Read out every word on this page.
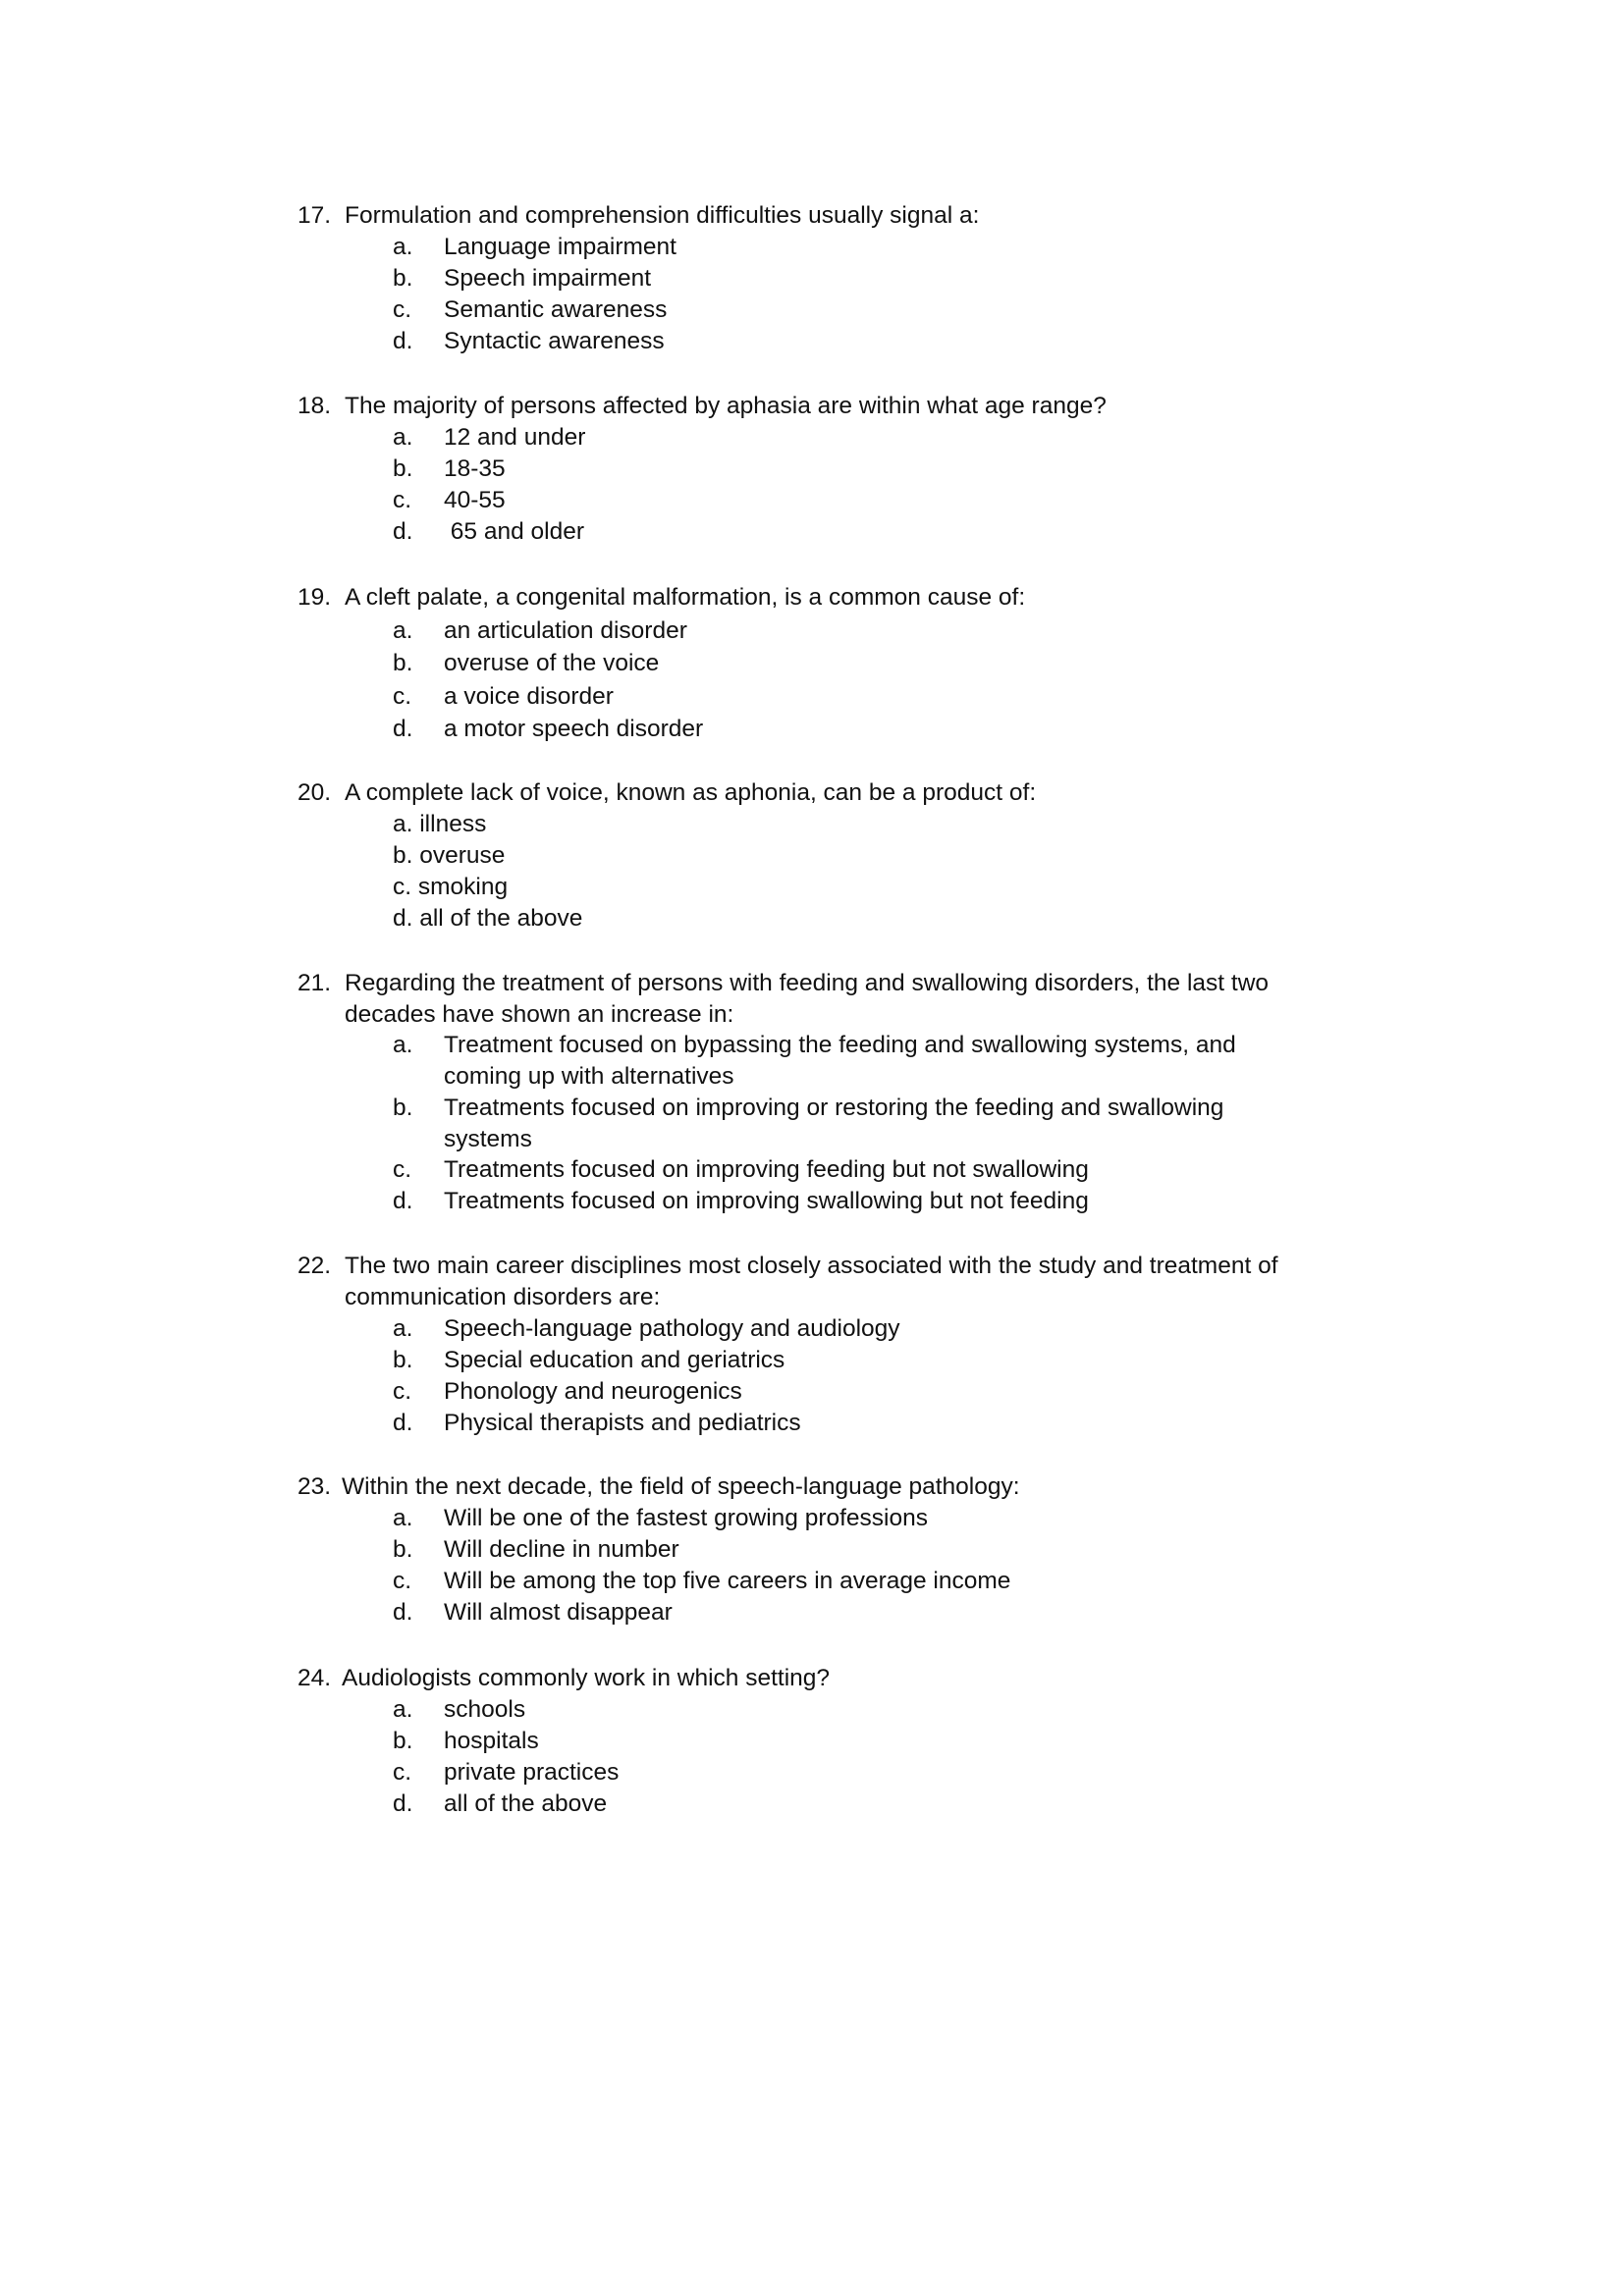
17. Formulation and comprehension difficulties usually signal a:
a. Language impairment
b. Speech impairment
c. Semantic awareness
d. Syntactic awareness
18. The majority of persons affected by aphasia are within what age range?
a. 12 and under
b. 18-35
c. 40-55
d. 65 and older
19. A cleft palate, a congenital malformation, is a common cause of:
a. an articulation disorder
b. overuse of the voice
c. a voice disorder
d. a motor speech disorder
20. A complete lack of voice, known as aphonia, can be a product of:
a. illness
b. overuse
c. smoking
d. all of the above
21. Regarding the treatment of persons with feeding and swallowing disorders, the last two
decades have shown an increase in:
a. Treatment focused on bypassing the feeding and swallowing systems, and
coming up with alternatives
b. Treatments focused on improving or restoring the feeding and swallowing
systems
c. Treatments focused on improving feeding but not swallowing
d. Treatments focused on improving swallowing but not feeding
22. The two main career disciplines most closely associated with the study and treatment of
communication disorders are:
a. Speech-language pathology and audiology
b. Special education and geriatrics
c. Phonology and neurogenics
d. Physical therapists and pediatrics
23. Within the next decade, the field of speech-language pathology:
a. Will be one of the fastest growing professions
b. Will decline in number
c. Will be among the top five careers in average income
d. Will almost disappear
24. Audiologists commonly work in which setting?
a. schools
b. hospitals
c. private practices
d. all of the above
